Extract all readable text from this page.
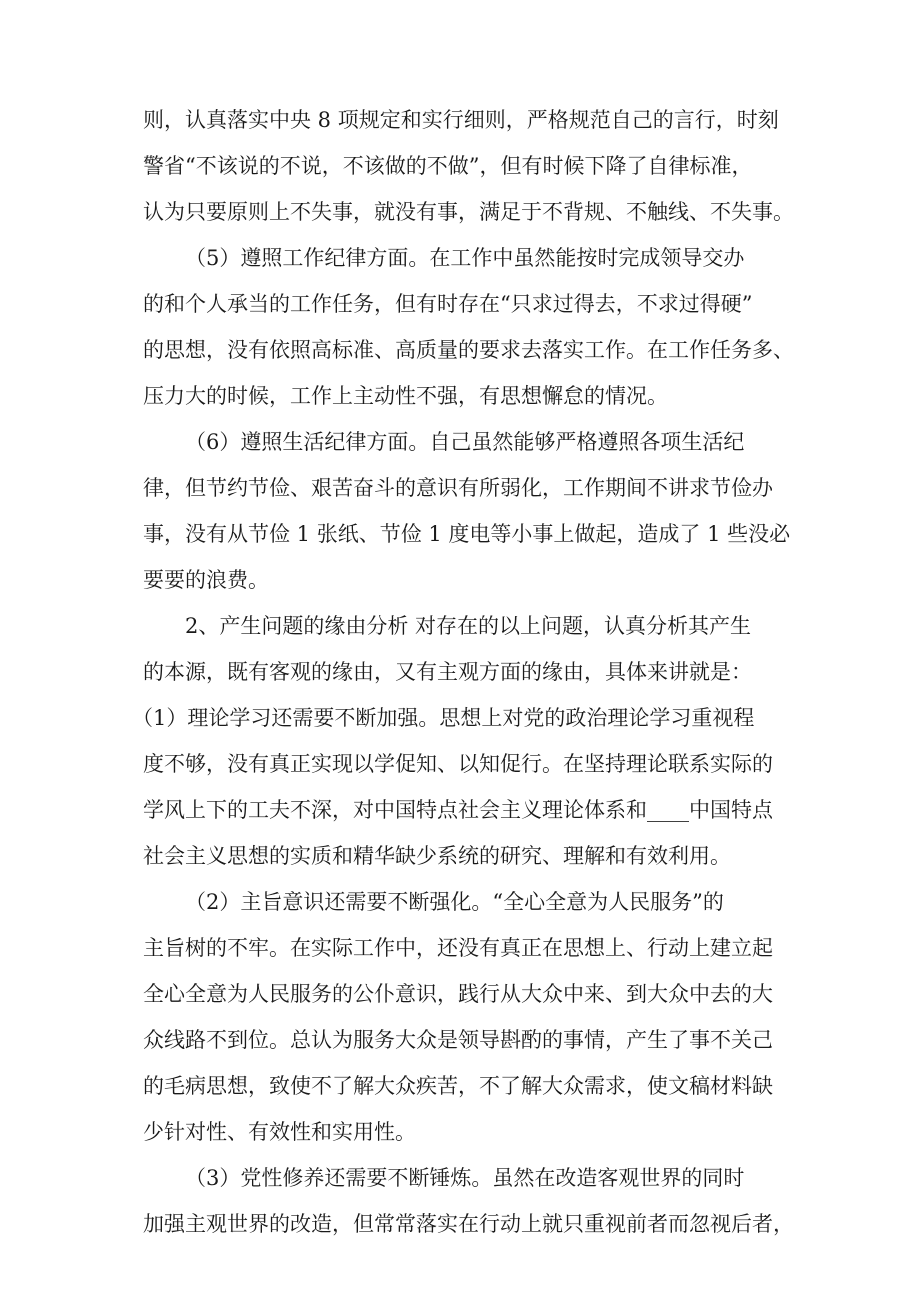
则，认真落实中央 8 项规定和实行细则，严格规范自己的言行，时刻
警省“不该说的不说，不该做的不做”，但有时候下降了自律标准，
认为只要原则上不失事，就没有事，满足于不背规、不触线、不失事。
（5）遵照工作纪律方面。在工作中虽然能按时完成领导交办
的和个人承当的工作任务，但有时存在“只求过得去，不求过得硬”
的思想，没有依照高标准、高质量的要求去落实工作。在工作任务多、
压力大的时候，工作上主动性不强，有思想懈怠的情况。
（6）遵照生活纪律方面。自己虽然能够严格遵照各项生活纪
律，但节约节俭、艰苦奋斗的意识有所弱化，工作期间不讲求节俭办
事，没有从节俭 1 张纸、节俭 1 度电等小事上做起，造成了 1 些没必
要要的浪费。
2、产生问题的缘由分析 对存在的以上问题，认真分析其产生
的本源，既有客观的缘由，又有主观方面的缘由，具体来讲就是：
（1）理论学习还需要不断加强。思想上对党的政治理论学习重视程
度不够，没有真正实现以学促知、以知促行。在坚持理论联系实际的
学风上下的工夫不深，对中国特点社会主义理论体系和____中国特点
社会主义思想的实质和精华缺少系统的研究、理解和有效利用。
（2）主旨意识还需要不断强化。“全心全意为人民服务”的
主旨树的不牢。在实际工作中，还没有真正在思想上、行动上建立起
全心全意为人民服务的公仆意识，践行从大众中来、到大众中去的大
众线路不到位。总认为服务大众是领导斟酌的事情，产生了事不关己
的毛病思想，致使不了解大众疾苦，不了解大众需求，使文稿材料缺
少针对性、有效性和实用性。
（3）党性修养还需要不断锤炼。虽然在改造客观世界的同时
加强主观世界的改造，但常常落实在行动上就只重视前者而忽视后者，
